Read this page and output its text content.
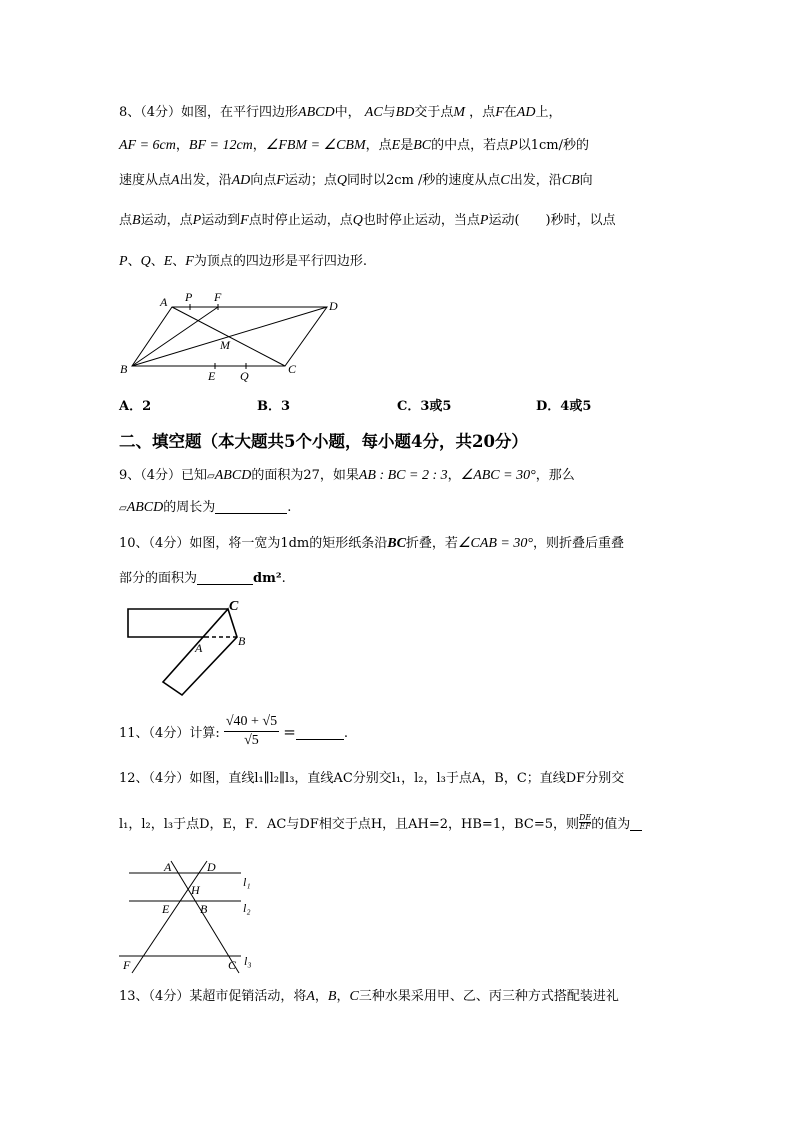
8、（4分）如图，在平行四边形ABCD中， AC与BD交于点M ，点F在AD上，
AF = 6cm，BF = 12cm，∠FBM = ∠CBM，点E是BC的中点，若点P以1cm/秒的
速度从点A出发，沿AD向点F运动；点Q同时以2cm /秒的速度从点C出发，沿CB向
点B运动，点P运动到F点时停止运动，点Q也时停止运动，当点P运动(　　)秒时，以点
P、Q、E、F为顶点的四边形是平行四边形.
A P F
D
M
B	E Q	C
A．2	B．3	C．3或5	D．4或5
二、填空题（本大题共5个小题，每小题4分，共20分）
9、（4分）已知▱ABCD的面积为27，如果AB : BC = 2 : 3，∠ABC = 30°，那么
▱ABCD的周长为	.
10、（4分）如图，将一宽为1dm的矩形纸条沿BC折叠，若∠CAB = 30°，则折叠后重叠
部分的面积为	dm².
C
A	B
11、（4分）计算: $\frac{√40 + √5}{√5}$ =	.
12、（4分）如图，直线l₁∥l₂∥l₃，直线AC分别交l₁，l₂，l₃于点A，B，C；直线DF分别交
l₁，l₂，l₃于点D，E，F．AC与DF相交于点H，且AH=2，HB=1，BC=5，则 $\frac{DE}{EF}$ 的值为
A	D
l₁
H
E	B	l₂
F	C l₃
13、（4分）某超市促销活动，将A，B，C三种水果采用甲、乙、丙三种方式搭配装进礼
